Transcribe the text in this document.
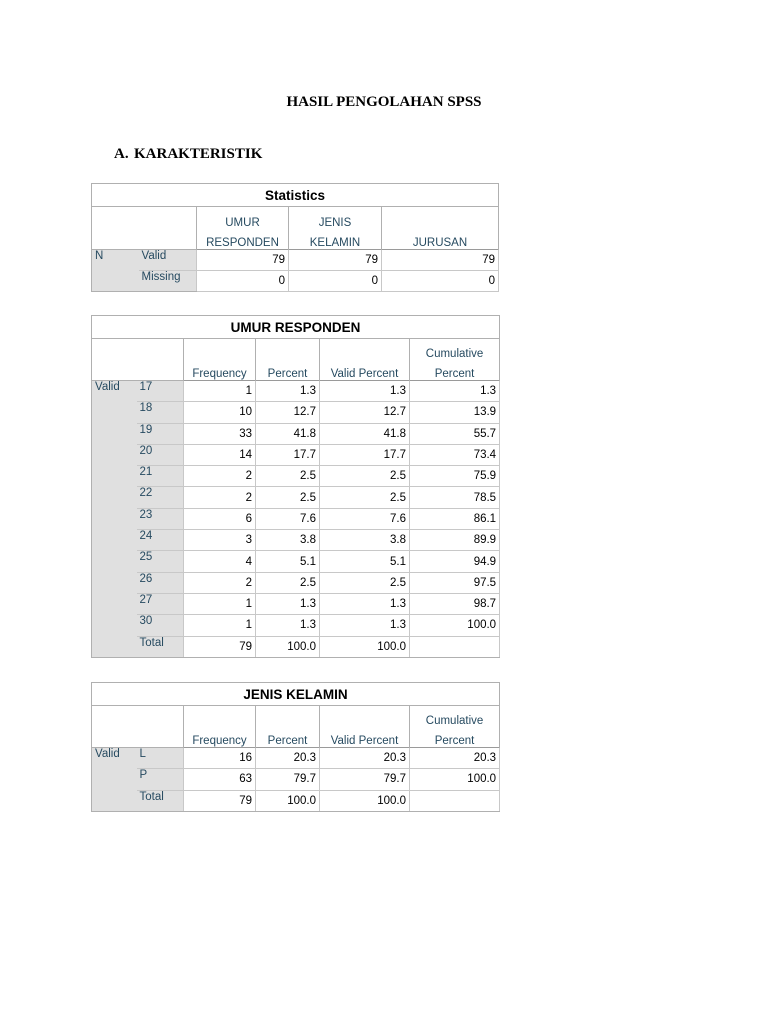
HASIL PENGOLAHAN SPSS
A. KARAKTERISTIK
Statistics				
		UMUR	JENIS	
		RESPONDEN	KELAMIN	JURUSAN
N	Valid	79	79	79
	Missing	0	0	0
UMUR RESPONDEN					
					Cumulative
		Frequency	Percent	Valid Percent	Percent
Valid	17	1	1.3	1.3	1.3
	18	10	12.7	12.7	13.9
	19	33	41.8	41.8	55.7
	20	14	17.7	17.7	73.4
	21	2	2.5	2.5	75.9
	22	2	2.5	2.5	78.5
	23	6	7.6	7.6	86.1
	24	3	3.8	3.8	89.9
	25	4	5.1	5.1	94.9
	26	2	2.5	2.5	97.5
	27	1	1.3	1.3	98.7
	30	1	1.3	1.3	100.0
	Total	79	100.0	100.0	
JENIS KELAMIN					
					Cumulative
		Frequency	Percent	Valid Percent	Percent
Valid	L	16	20.3	20.3	20.3
	P	63	79.7	79.7	100.0
	Total	79	100.0	100.0	
